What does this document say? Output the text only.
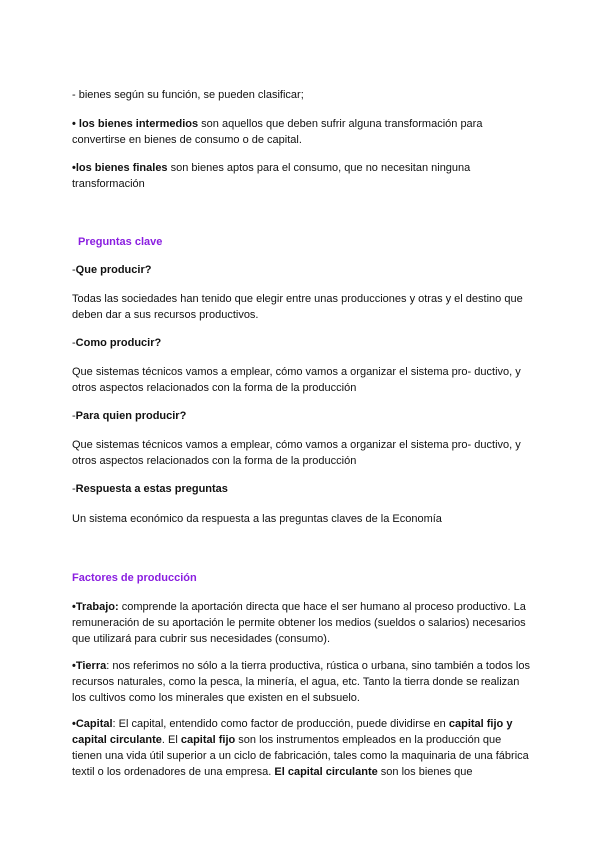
- bienes según su función, se pueden clasificar;

• los bienes intermedios son aquellos que deben sufrir alguna transformación para convertirse en bienes de consumo o de capital.

•los bienes finales son bienes aptos para el consumo, que no necesitan ninguna transformación

Preguntas clave

-Que producir?

Todas las sociedades han tenido que elegir entre unas producciones y otras y el destino que deben dar a sus recursos productivos.

-Como producir?

Que sistemas técnicos vamos a emplear, cómo vamos a organizar el sistema pro- ductivo, y otros aspectos relacionados con la forma de la producción

-Para quien producir?

Que sistemas técnicos vamos a emplear, cómo vamos a organizar el sistema pro- ductivo, y otros aspectos relacionados con la forma de la producción

-Respuesta a estas preguntas

Un sistema económico da respuesta a las preguntas claves de la Economía

Factores de producción

•Trabajo: comprende la aportación directa que hace el ser humano al proceso productivo. La remuneración de su aportación le permite obtener los medios (sueldos o salarios) necesarios que utilizará para cubrir sus necesidades (consumo).

•Tierra: nos referimos no sólo a la tierra productiva, rústica o urbana, sino también a todos los recursos naturales, como la pesca, la minería, el agua, etc. Tanto la tierra donde se realizan los cultivos como los minerales que existen en el subsuelo.

•Capital: El capital, entendido como factor de producción, puede dividirse en capital fijo y capital circulante. El capital fijo son los instrumentos empleados en la producción que tienen una vida útil superior a un ciclo de fabricación, tales como la maquinaria de una fábrica textil o los ordenadores de una empresa. El capital circulante son los bienes que
